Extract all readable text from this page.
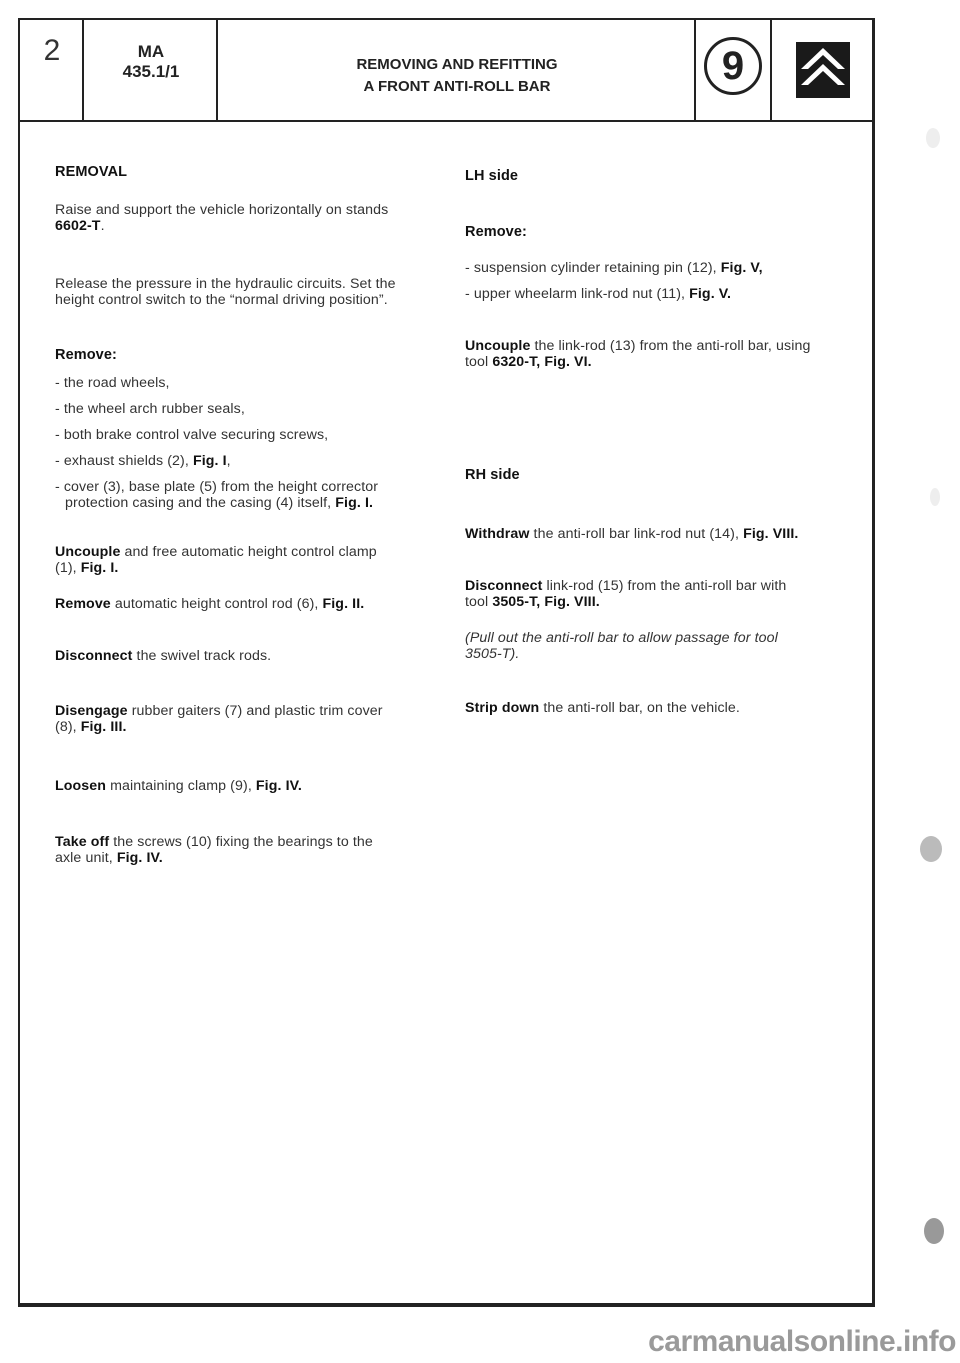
2	MA
435.1/1	REMOVING AND REFITTING
A FRONT ANTI-ROLL BAR	9
REMOVAL
Raise and support the vehicle horizontally on stands
6602-T.
Release the pressure in the hydraulic circuits. Set the
height control switch to the “normal driving position”.
Remove:
- the road wheels,
- the wheel arch rubber seals,
- both brake control valve securing screws,
- exhaust shields (2), Fig. I,
- cover (3), base plate (5) from the height corrector
protection casing and the casing (4) itself, Fig. I.
Uncouple and free automatic height control clamp
(1), Fig. I.
Remove automatic height control rod (6), Fig. II.
Disconnect the swivel track rods.
Disengage rubber gaiters (7) and plastic trim cover
(8), Fig. III.
Loosen maintaining clamp (9), Fig. IV.
Take off the screws (10) fixing the bearings to the
axle unit, Fig. IV.
LH side
Remove:
- suspension cylinder retaining pin (12), Fig. V,
- upper wheelarm link-rod nut (11), Fig. V.
Uncouple the link-rod (13) from the anti-roll bar, using
tool 6320-T, Fig. VI.
RH side
Withdraw the anti-roll bar link-rod nut (14), Fig. VIII.
Disconnect link-rod (15) from the anti-roll bar with
tool 3505-T, Fig. VIII.
(Pull out the anti-roll bar to allow passage for tool
3505-T).
Strip down the anti-roll bar, on the vehicle.
carmanualsonline.info
